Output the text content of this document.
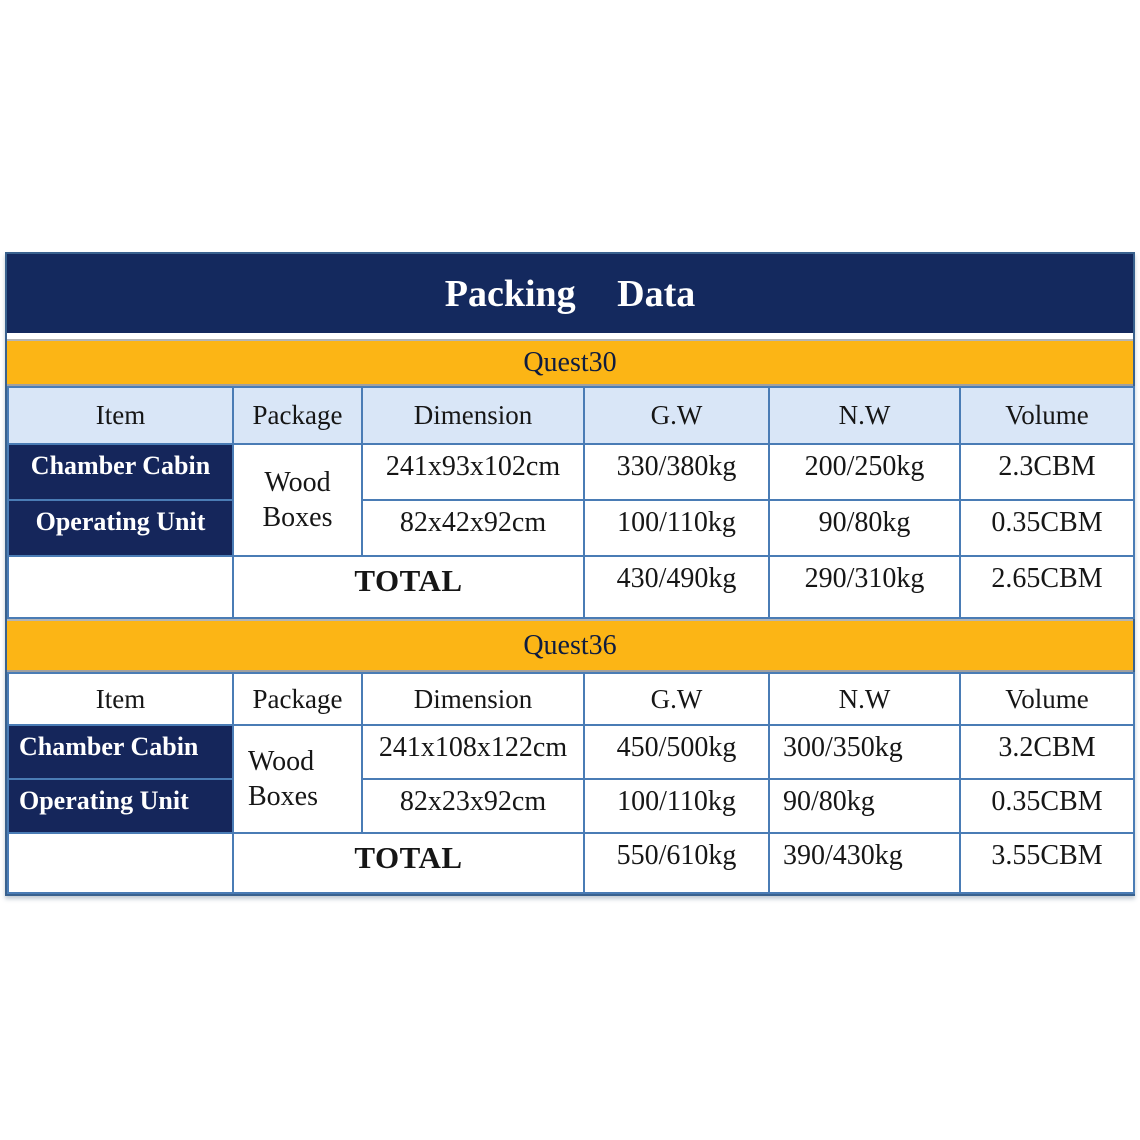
Packing Data
Quest30
Item	Package	Dimension	G.W	N.W	Volume
Chamber Cabin	Wood Boxes	241x93x102cm	330/380kg	200/250kg	2.3CBM
Operating Unit		82x42x92cm	100/110kg	90/80kg	0.35CBM
	TOTAL		430/490kg	290/310kg	2.65CBM
Quest36
Item	Package	Dimension	G.W	N.W	Volume
Chamber Cabin	Wood Boxes	241x108x122cm	450/500kg	300/350kg	3.2CBM
Operating Unit		82x23x92cm	100/110kg	90/80kg	0.35CBM
	TOTAL		550/610kg	390/430kg	3.55CBM
